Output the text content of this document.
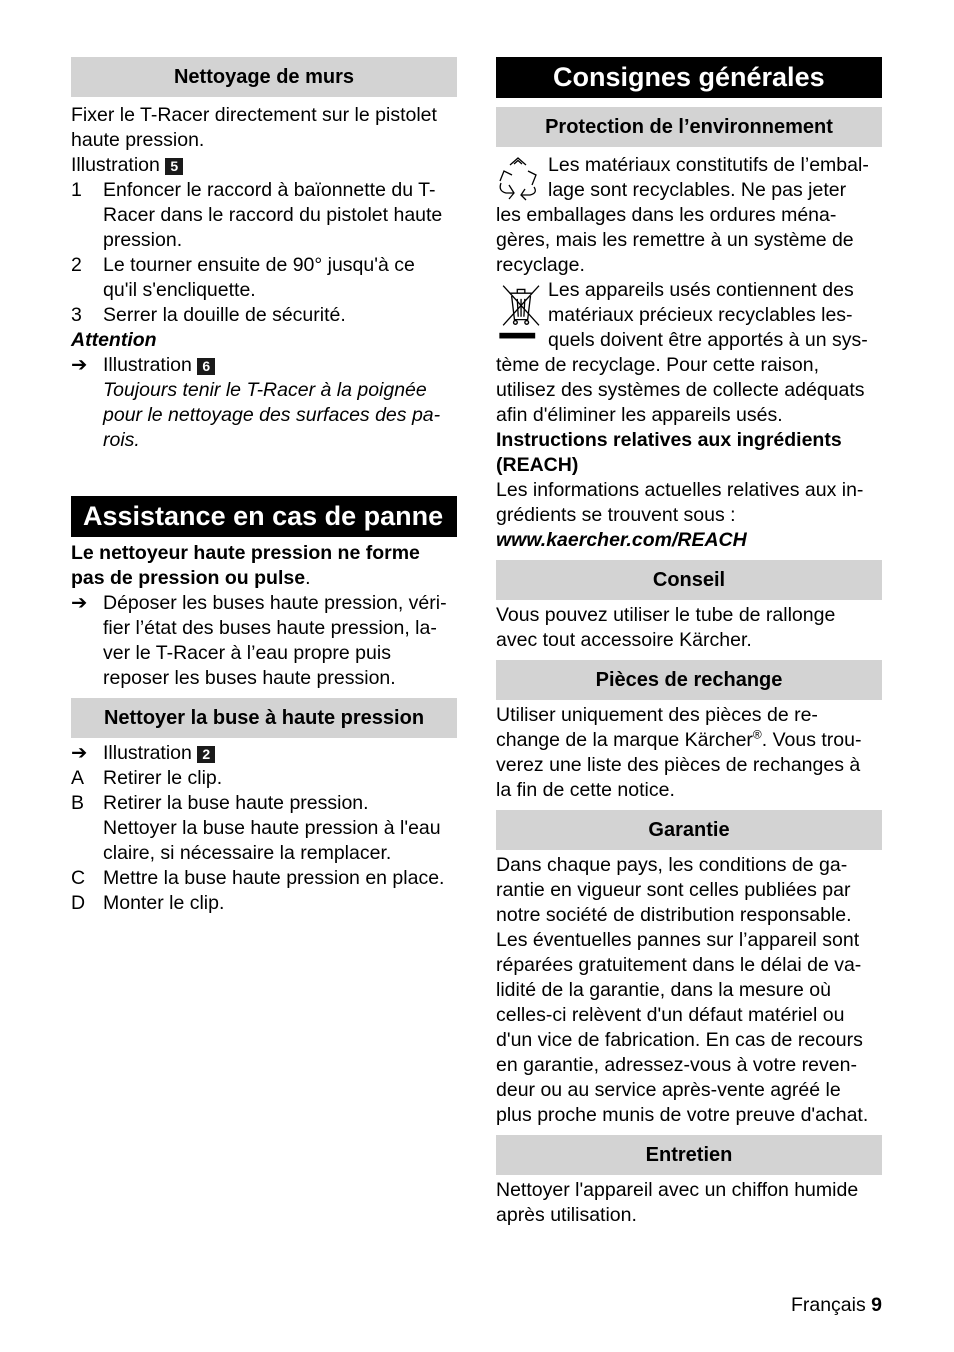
Nettoyage de murs

Fixer le T-Racer directement sur le pistolet
haute pression.

Illustration 5

1 Enfoncer le raccord à baïonnette du T-
Racer dans le raccord du pistolet haute
pression.
2 Le tourner ensuite de 90° jusqu'à ce
qu'il s'encliquette.
3 Serrer la douille de sécurité.

Attention

➔ Illustration 6
Toujours tenir le T-Racer à la poignée
pour le nettoyage des surfaces des pa-
rois.
Assistance en cas de panne

Le nettoyeur haute pression ne forme
pas de pression ou pulse.

➔ Déposer les buses haute pression, véri-
fier l’état des buses haute pression, la-
ver le T-Racer à l’eau propre puis
reposer les buses haute pression.
Nettoyer la buse à haute pression
➔ Illustration 2
A Retirer le clip.
B Retirer la buse haute pression.
Nettoyer la buse haute pression à l'eau
claire, si nécessaire la remplacer.
C Mettre la buse haute pression en place.
D Monter le clip.
Consignes générales
Protection de l’environnement
Les matériaux constitutifs de l’embal-
lage sont recyclables. Ne pas jeter
les emballages dans les ordures ména-
gères, mais les remettre à un système de
recyclage.
Les appareils usés contiennent des
matériaux précieux recyclables les-
quels doivent être apportés à un sys-
tème de recyclage. Pour cette raison,
utilisez des systèmes de collecte adéquats
afin d'éliminer les appareils usés.

Instructions relatives aux ingrédients
(REACH)

Les informations actuelles relatives aux in-
grédients se trouvent sous :

www.kaercher.com/REACH

Conseil

Vous pouvez utiliser le tube de rallonge
avec tout accessoire Kärcher.

Pièces de rechange

Utiliser uniquement des pièces de re-
change de la marque Kärcher®. Vous trou-
verez une liste des pièces de rechanges à
la fin de cette notice.

Garantie

Dans chaque pays, les conditions de ga-
rantie en vigueur sont celles publiées par
notre société de distribution responsable.
Les éventuelles pannes sur l’appareil sont
réparées gratuitement dans le délai de va-
lidité de la garantie, dans la mesure où
celles-ci relèvent d'un défaut matériel ou
d'un vice de fabrication. En cas de recours
en garantie, adressez-vous à votre reven-
deur ou au service après-vente agréé le
plus proche munis de votre preuve d'achat.

Entretien

Nettoyer l'appareil avec un chiffon humide
après utilisation.

Français 9
